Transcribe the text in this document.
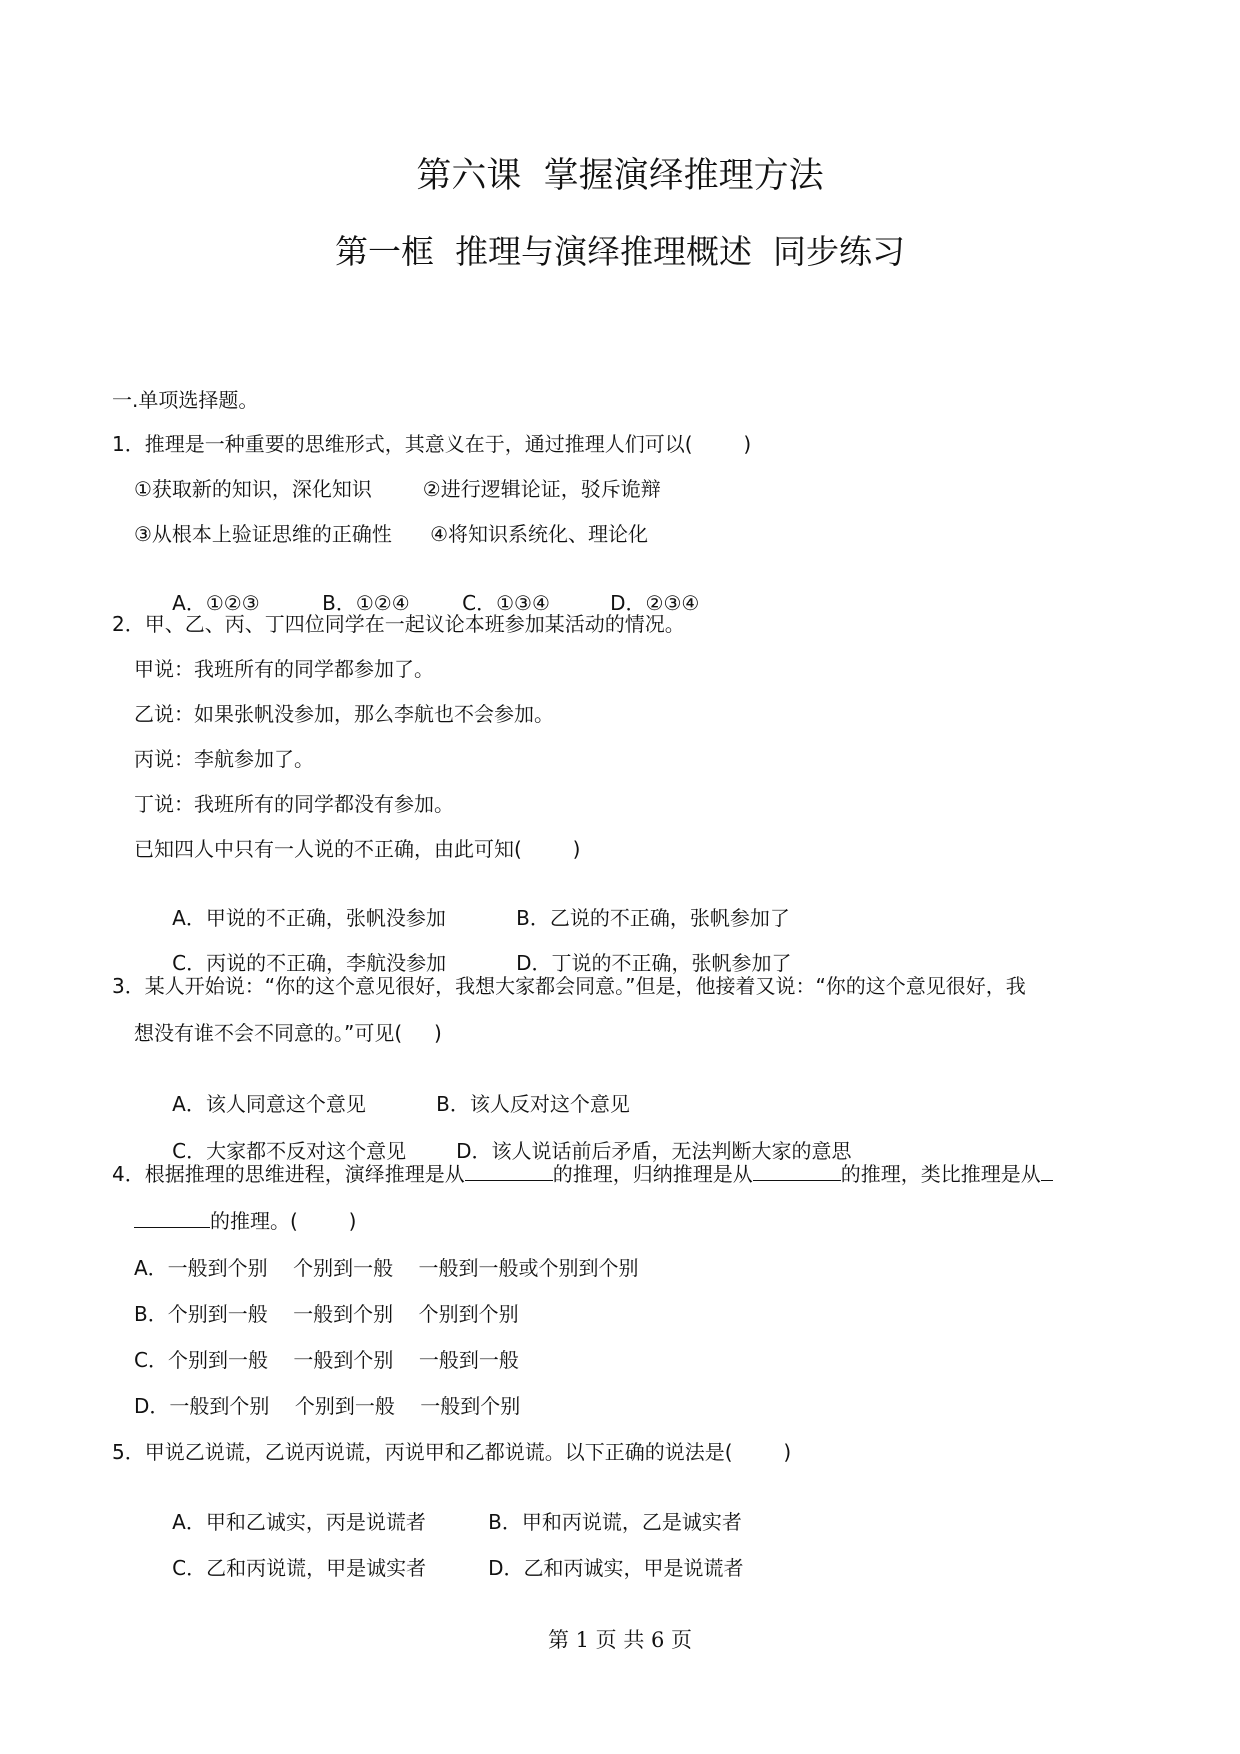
第六课  掌握演绎推理方法
第一框  推理与演绎推理概述  同步练习
一.单项选择题。
1．推理是一种重要的思维形式，其意义在于，通过推理人们可以(        )
①获取新的知识，深化知识        ②进行逻辑论证，驳斥诡辩
③从根本上验证思维的正确性      ④将知识系统化、理论化

A．①②③	B．①②④	C．①③④	D．②③④

2．甲、乙、丙、丁四位同学在一起议论本班参加某活动的情况。
甲说：我班所有的同学都参加了。
乙说：如果张帆没参加，那么李航也不会参加。
丙说：李航参加了。
丁说：我班所有的同学都没有参加。
已知四人中只有一人说的不正确，由此可知(        )

A．甲说的不正确，张帆没参加	B．乙说的不正确，张帆参加了

C．丙说的不正确，李航没参加	D．丁说的不正确，张帆参加了

3．某人开始说：“你的这个意见很好，我想大家都会同意。”但是，他接着又说：“你的这个意见很好，我
想没有谁不会不同意的。”可见(     )

A．该人同意这个意见	B．该人反对这个意见

C．大家都不反对这个意见	D．该人说话前后矛盾，无法判断大家的意思

4．根据推理的思维进程，演绎推理是从	的推理，归纳推理是从	的推理，类比推理是从
的推理。(        )
A．一般到个别    个别到一般    一般到一般或个别到个别
B．个别到一般    一般到个别    个别到个别
C．个别到一般    一般到个别    一般到一般
D．一般到个别    个别到一般    一般到个别
5．甲说乙说谎，乙说丙说谎，丙说甲和乙都说谎。以下正确的说法是(        )

A．甲和乙诚实，丙是说谎者	B．甲和丙说谎，乙是诚实者

C．乙和丙说谎，甲是诚实者	D．乙和丙诚实，甲是说谎者

第 1 页 共 6 页
